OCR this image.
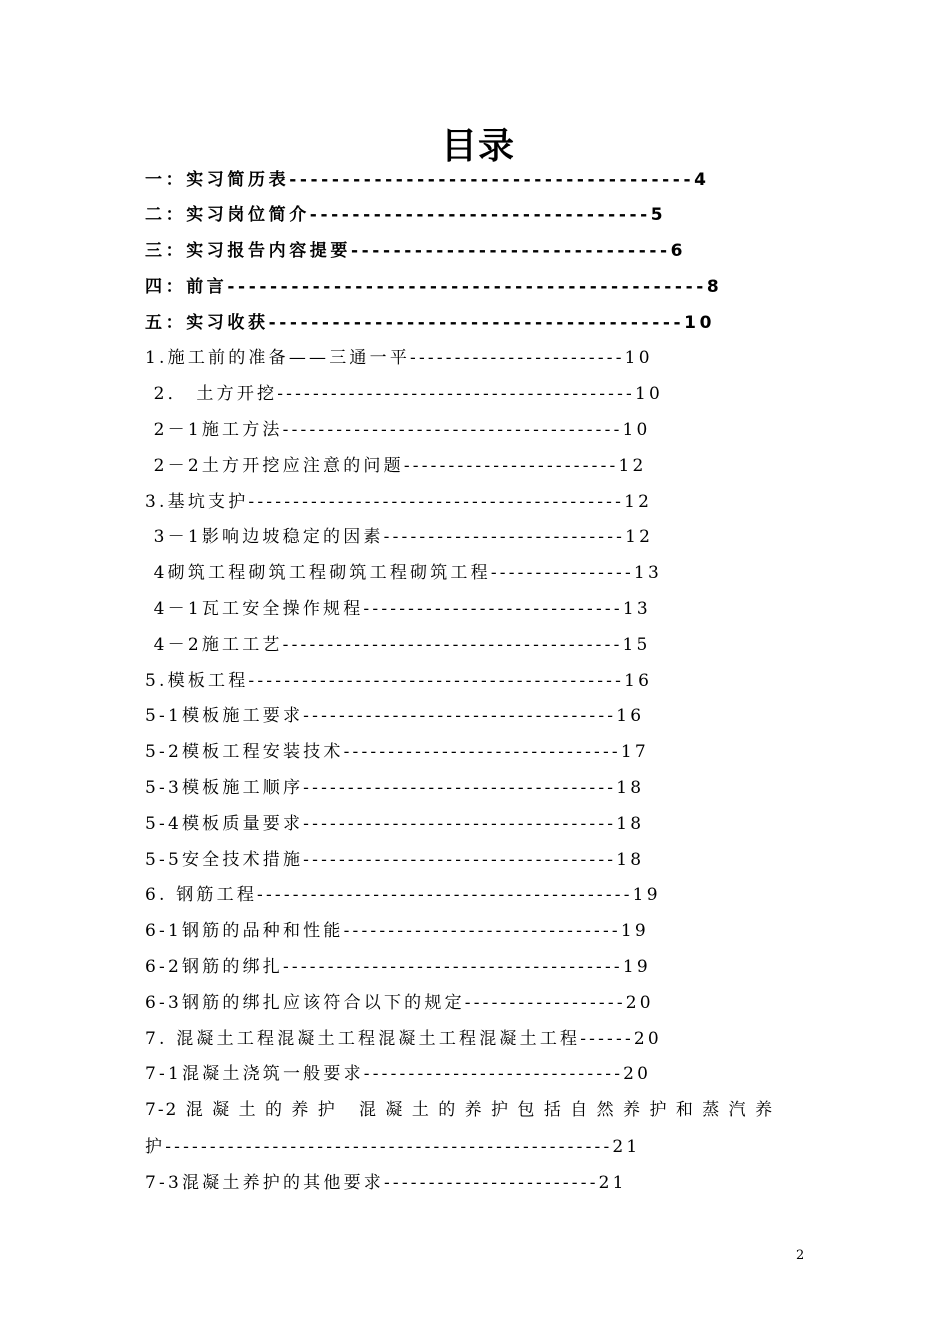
目录
一：实习简历表--------------------------------------4
二：实习岗位简介--------------------------------5
三：实习报告内容提要------------------------------6
四：前言---------------------------------------------8
五：实习收获---------------------------------------10
1.施工前的准备——三通一平------------------------10
2． 土方开挖----------------------------------------10
2－1施工方法--------------------------------------10
2－2土方开挖应注意的问题------------------------12
3.基坑支护------------------------------------------12
3－1影响边坡稳定的因素---------------------------12
4砌筑工程砌筑工程砌筑工程砌筑工程----------------13
4－1瓦工安全操作规程-----------------------------13
4－2施工工艺--------------------------------------15
5.模板工程------------------------------------------16
5-1模板施工要求-----------------------------------16
5-2模板工程安装技术-------------------------------17
5-3模板施工顺序-----------------------------------18
5-4模板质量要求-----------------------------------18
5-5安全技术措施-----------------------------------18
6. 钢筋工程------------------------------------------19
6-1钢筋的品种和性能-------------------------------19
6-2钢筋的绑扎--------------------------------------19
6-3钢筋的绑扎应该符合以下的规定------------------20
7. 混凝土工程混凝土工程混凝土工程混凝土工程------20
7-1混凝土浇筑一般要求-----------------------------20
7-2 混 凝 土 的 养 护   混 凝 土 的 养 护 包 括 自 然 养 护 和 蒸 汽 养
护--------------------------------------------------21
7-3混凝土养护的其他要求------------------------21
2
